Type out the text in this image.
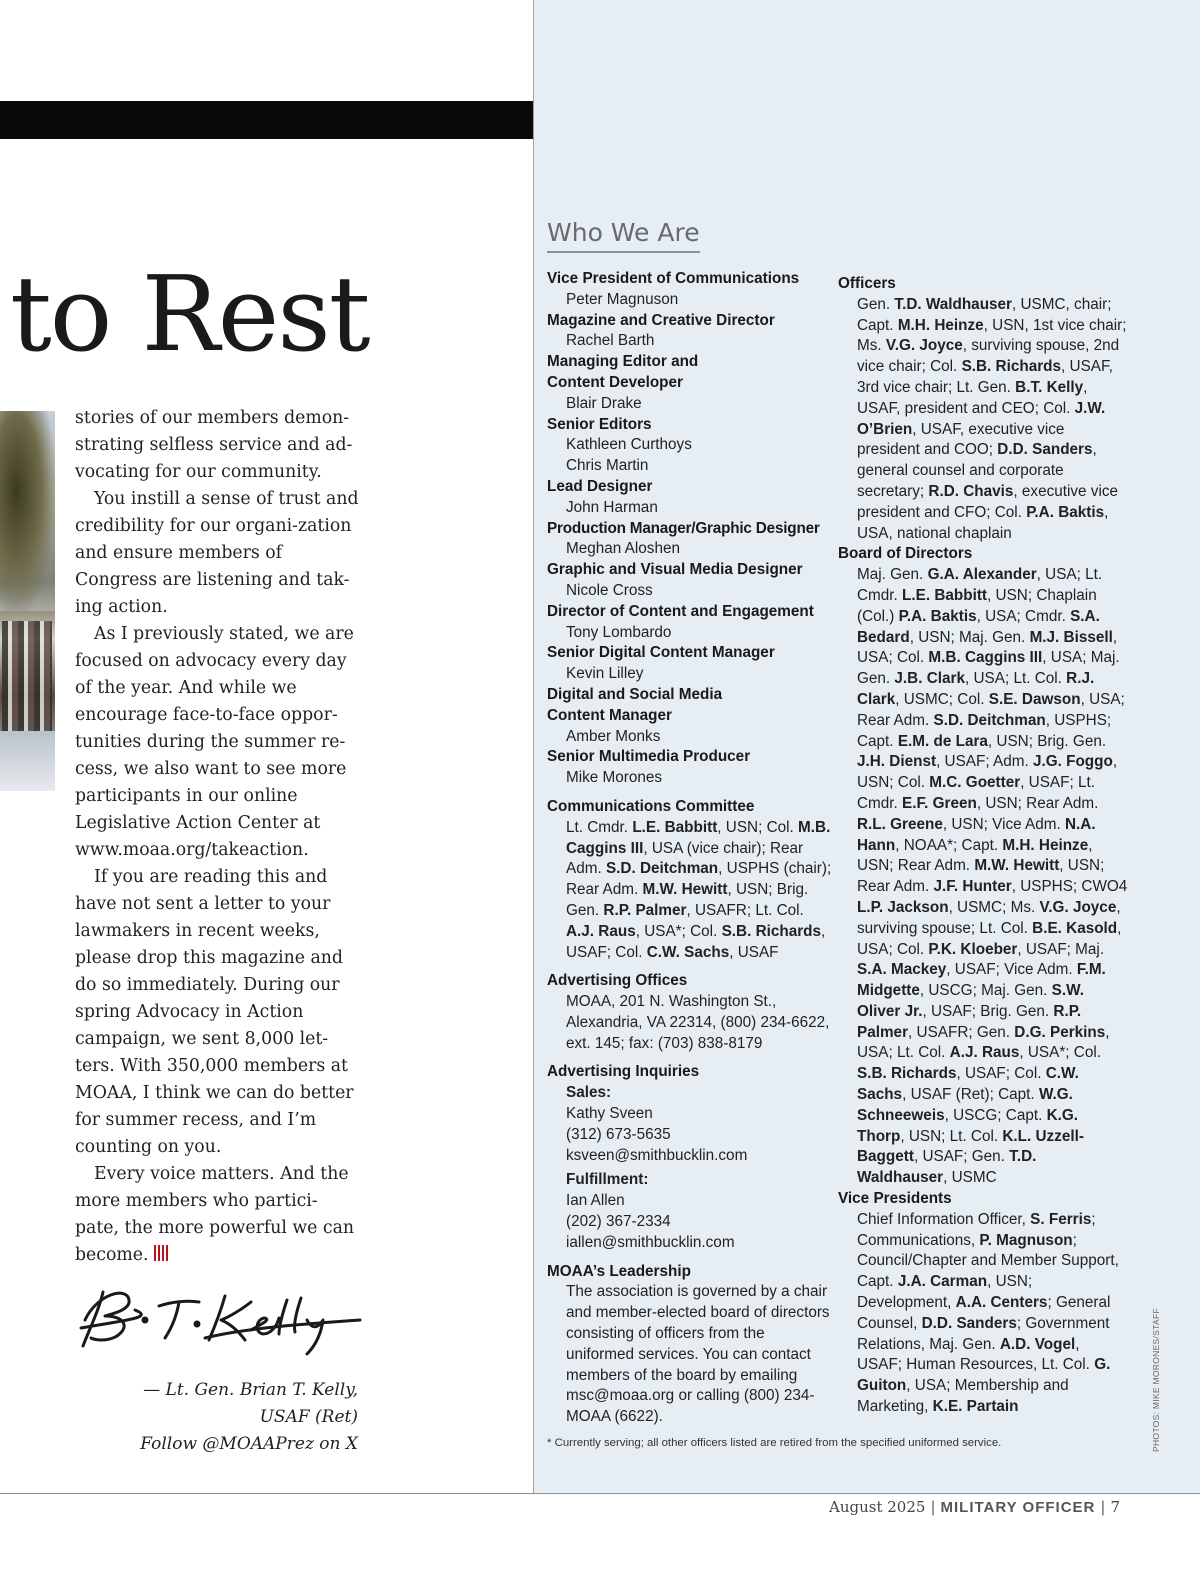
to Rest

stories of our members demon-strating selfless service and ad-vocating for our community.

You instill a sense of trust and credibility for our organi-zation and ensure members of Congress are listening and tak-ing action.

As I previously stated, we are focused on advocacy every day of the year. And while we encourage face-to-face oppor-tunities during the summer re-cess, we also want to see more participants in our online Legislative Action Center at www.moaa.org/takeaction.

If you are reading this and have not sent a letter to your lawmakers in recent weeks, please drop this magazine and do so immediately. During our spring Advocacy in Action campaign, we sent 8,000 let-ters. With 350,000 members at MOAA, I think we can do better for summer recess, and I’m counting on you.

Every voice matters. And the more members who partici-pate, the more powerful we can become.

— Lt. Gen. Brian T. Kelly,
USAF (Ret)
Follow @MOAAPrez on X
Who We Are
Vice President of Communications
Peter Magnuson
Magazine and Creative Director
Rachel Barth
Managing Editor and Content Developer
Blair Drake
Senior Editors
Kathleen Curthoys
Chris Martin
Lead Designer
John Harman
Production Manager/Graphic Designer
Meghan Aloshen
Graphic and Visual Media Designer
Nicole Cross
Director of Content and Engagement
Tony Lombardo
Senior Digital Content Manager
Kevin Lilley
Digital and Social Media Content Manager
Amber Monks
Senior Multimedia Producer
Mike Morones
Communications Committee
Lt. Cmdr. L.E. Babbitt, USN; Col. M.B. Caggins III, USA (vice chair); Rear Adm. S.D. Deitchman, USPHS (chair); Rear Adm. M.W. Hewitt, USN; Brig. Gen. R.P. Palmer, USAFR; Lt. Col. A.J. Raus, USA*; Col. S.B. Richards, USAF; Col. C.W. Sachs, USAF
Advertising Offices
MOAA, 201 N. Washington St., Alexandria, VA 22314, (800) 234-6622, ext. 145; fax: (703) 838-8179
Advertising Inquiries
Sales:
Kathy Sveen
(312) 673-5635
ksveen@smithbucklin.com
Fulfillment:
Ian Allen
(202) 367-2334
iallen@smithbucklin.com
MOAA’s Leadership
The association is governed by a chair and member-elected board of directors consisting of officers from the uniformed services. You can contact members of the board by emailing msc@moaa.org or calling (800) 234-MOAA (6622).
Officers
Gen. T.D. Waldhauser, USMC, chair; Capt. M.H. Heinze, USN, 1st vice chair; Ms. V.G. Joyce, surviving spouse, 2nd vice chair; Col. S.B. Richards, USAF, 3rd vice chair; Lt. Gen. B.T. Kelly, USAF, president and CEO; Col. J.W. O’Brien, USAF, executive vice president and COO; D.D. Sanders, general counsel and corporate secretary; R.D. Chavis, executive vice president and CFO; Col. P.A. Baktis, USA, national chaplain
Board of Directors
Maj. Gen. G.A. Alexander, USA; Lt. Cmdr. L.E. Babbitt, USN; Chaplain (Col.) P.A. Baktis, USA; Cmdr. S.A. Bedard, USN; Maj. Gen. M.J. Bissell, USA; Col. M.B. Caggins III, USA; Maj. Gen. J.B. Clark, USA; Lt. Col. R.J. Clark, USMC; Col. S.E. Dawson, USA; Rear Adm. S.D. Deitchman, USPHS; Capt. E.M. de Lara, USN; Brig. Gen. J.H. Dienst, USAF; Adm. J.G. Foggo, USN; Col. M.C. Goetter, USAF; Lt. Cmdr. E.F. Green, USN; Rear Adm. R.L. Greene, USN; Vice Adm. N.A. Hann, NOAA*; Capt. M.H. Heinze, USN; Rear Adm. M.W. Hewitt, USN; Rear Adm. J.F. Hunter, USPHS; CWO4 L.P. Jackson, USMC; Ms. V.G. Joyce, surviving spouse; Lt. Col. B.E. Kasold, USA; Col. P.K. Kloeber, USAF; Maj. S.A. Mackey, USAF; Vice Adm. F.M. Midgette, USCG; Maj. Gen. S.W. Oliver Jr., USAF; Brig. Gen. R.P. Palmer, USAFR; Gen. D.G. Perkins, USA; Lt. Col. A.J. Raus, USA*; Col. S.B. Richards, USAF; Col. C.W. Sachs, USAF (Ret); Capt. W.G. Schneeweis, USCG; Capt. K.G. Thorp, USN; Lt. Col. K.L. Uzzell-Baggett, USAF; Gen. T.D. Waldhauser, USMC
Vice Presidents
Chief Information Officer, S. Ferris; Communications, P. Magnuson; Council/Chapter and Member Support, Capt. J.A. Carman, USN; Development, A.A. Centers; General Counsel, D.D. Sanders; Government Relations, Maj. Gen. A.D. Vogel, USAF; Human Resources, Lt. Col. G. Guiton, USA; Membership and Marketing, K.E. Partain
* Currently serving; all other officers listed are retired from the specified uniformed service.	PHOTOS: MIKE MORONES/STAFF
August 2025 | MILITARY OFFICER | 7
